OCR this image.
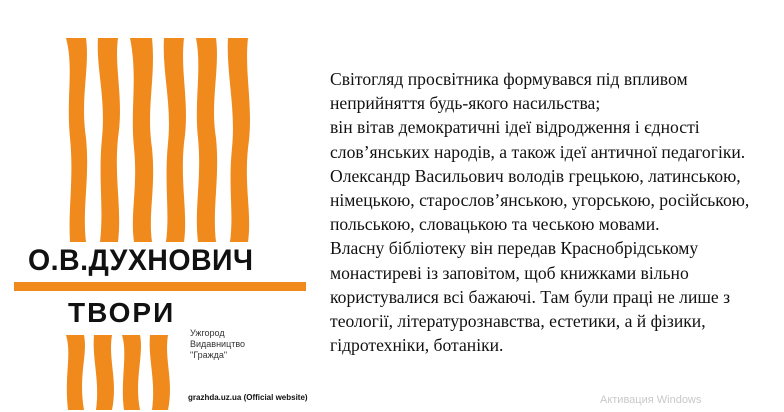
О.В.ДУХНОВИЧ
ТВОРИ
Ужгород
Видавництво
"Гражда"
grazhda.uz.ua (Official website)

Світогляд просвітника формувався під впливом неприйняття будь-якого насильства;

він вітав демократичні ідеї відродження і єдності слов’янських народів, а також ідеї античної педагогіки.

Олександр Васильович володів грецькою, латинською, німецькою, старослов’янською, угорською, російською, польською, словацькою та чеською мовами.

Власну бібліотеку він передав Краснобрідському монастиреві із заповітом, щоб книжками вільно користувалися всі бажаючі. Там були праці не лише з теології, літературознавства, естетики, а й фізики, гідротехніки, ботаніки.

Активация Windows
